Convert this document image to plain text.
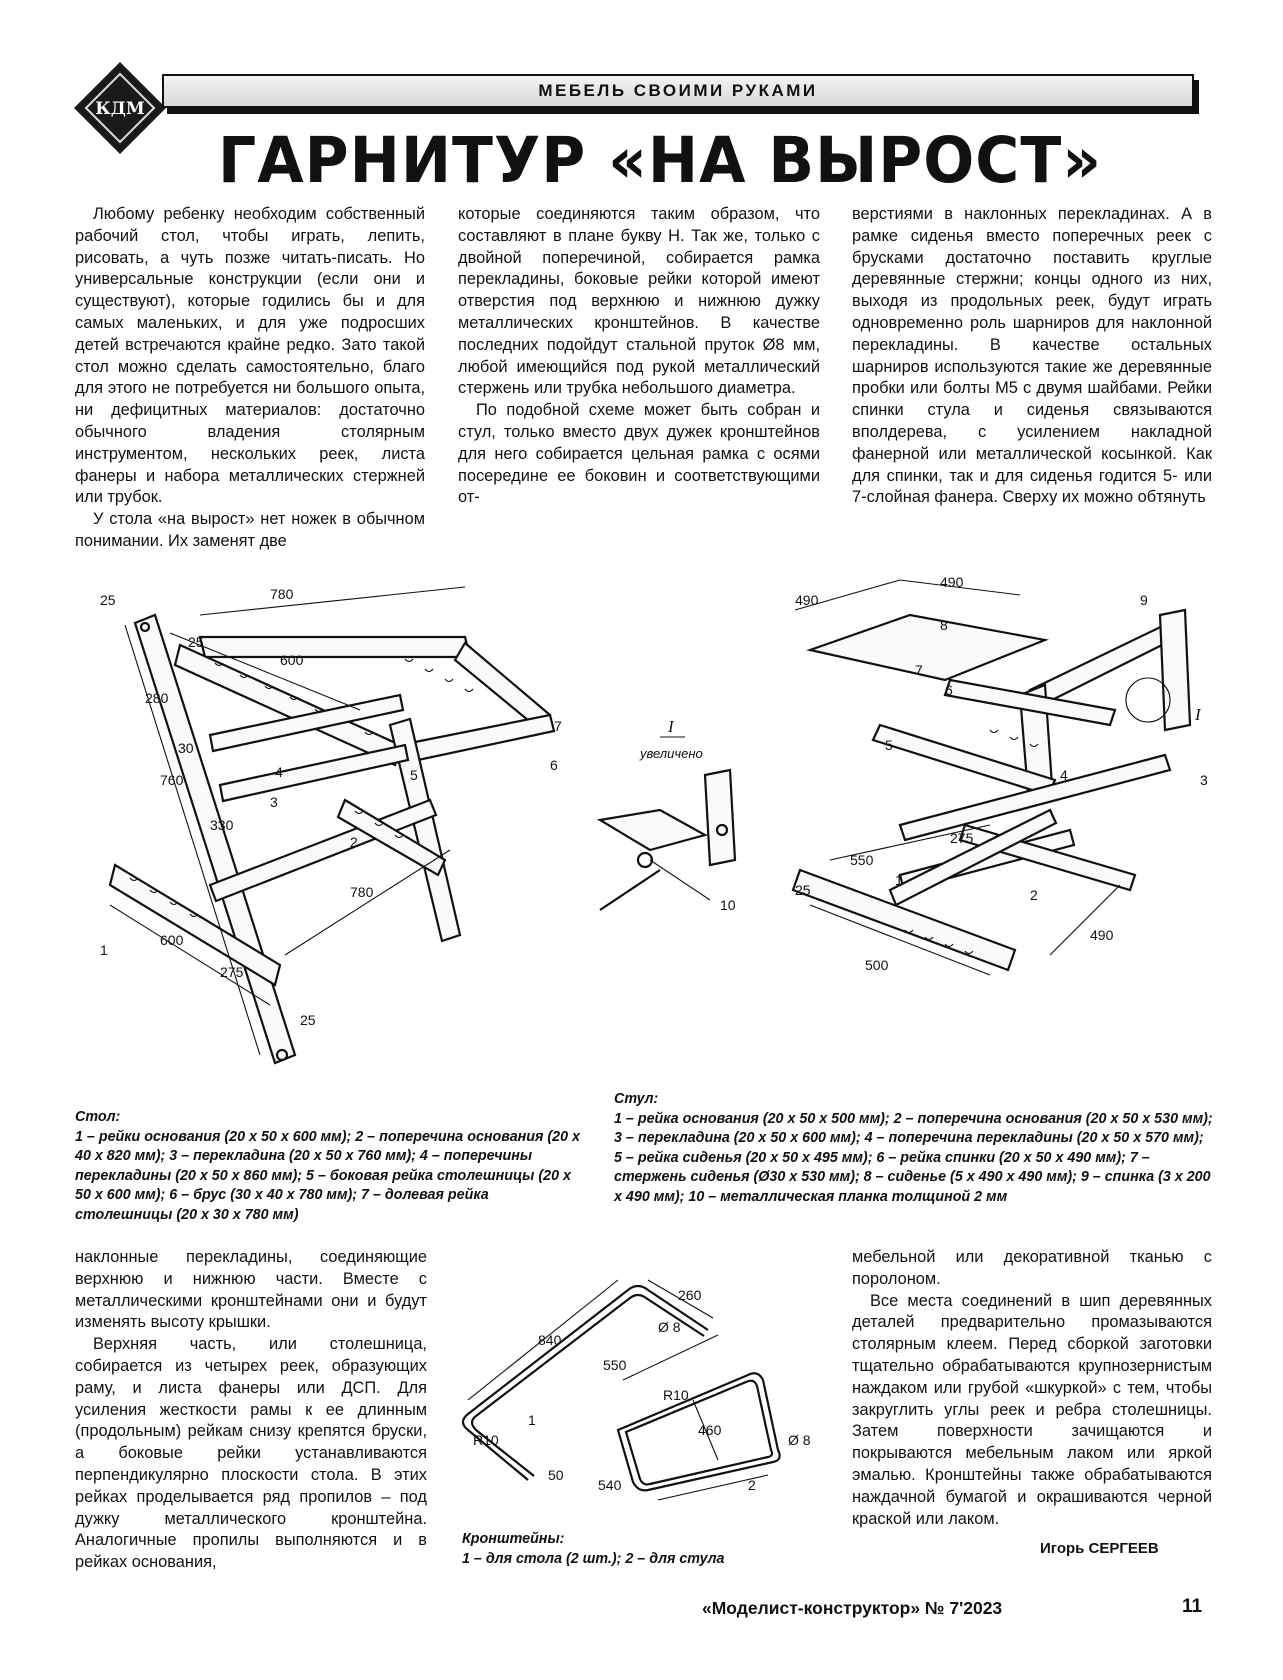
КДМ
МЕБЕЛЬ СВОИМИ РУКАМИ
ГАРНИТУР «НА ВЫРОСТ»

Любому ребенку необходим собственный рабочий стол, чтобы играть, лепить, рисовать, а чуть позже читать-писать. Но универсальные конструкции (если они и существуют), которые годились бы и для самых маленьких, и для уже подросших детей встречаются крайне редко. Зато такой стол можно сделать самостоятельно, благо для этого не потребуется ни большого опыта, ни дефицитных материалов: достаточно обычного владения столярным инструментом, нескольких реек, листа фанеры и набора металлических стержней или трубок.

У стола «на вырост» нет ножек в обычном понимании. Их заменят две

которые соединяются таким образом, что составляют в плане букву Н. Так же, только с двойной поперечиной, собирается рамка перекладины, боковые рейки которой имеют отверстия под верхнюю и нижнюю дужку металлических кронштейнов. В качестве последних подойдут стальной пруток Ø8 мм, любой имеющийся под рукой металлический стержень или трубка небольшого диаметра.

По подобной схеме может быть собран и стул, только вместо двух дужек кронштейнов для него собирается цельная рамка с осями посередине ее боковин и соответствующими от-

верстиями в наклонных перекладинах. А в рамке сиденья вместо поперечных реек с брусками достаточно поставить круглые деревянные стержни; концы одного из них, выходя из продольных реек, будут играть одновременно роль шарниров для наклонной перекладины. В качестве остальных шарниров используются такие же деревянные пробки или болты М5 с двумя шайбами. Рейки спинки стула и сиденья связываются вполдерева, с усилением накладной фанерной или металлической косынкой. Как для спинки, так и для сиденья годится 5- или 7-слойная фанера. Сверху их можно обтянуть

780
600
25
25
280
30
760
330
780
600
275
25
1
2
3
4	5
6
7	I
увеличено
10
490
490
490
500
550
275
25
I
1
2
3
4
5
6
7
8
9
Стол:
1 – рейки основания (20 х 50 х 600 мм); 2 – поперечина основания (20 х 40 х 820 мм); 3 – перекладина (20 х 50 х 760 мм); 4 – поперечины перекладины (20 х 50 х 860 мм); 5 – боковая рейка столешницы (20 х 50 х 600 мм); 6 – брус (30 х 40 х 780 мм); 7 – долевая рейка столешницы (20 х 30 х 780 мм)
Стул:
1 – рейка основания (20 х 50 х 500 мм); 2 – поперечина основания (20 х 50 х 530 мм); 3 – перекладина (20 х 50 х 600 мм); 4 – поперечина перекладины (20 х 50 х 570 мм); 5 – рейка сиденья (20 х 50 х 495 мм); 6 – рейка спинки (20 х 50 х 490 мм); 7 – стержень сиденья (Ø30 х 530 мм); 8 – сиденье (5 х 490 х 490 мм); 9 – спинка (3 х 200 х 490 мм); 10 – металлическая планка толщиной 2 мм

наклонные перекладины, соединяющие верхнюю и нижнюю части. Вместе с металлическими кронштейнами они и будут изменять высоту крышки.

Верхняя часть, или столешница, собирается из четырех реек, образующих раму, и листа фанеры или ДСП. Для усиления жесткости рамы к ее длинным (продольным) рейкам снизу крепятся бруски, а боковые рейки устанавливаются перпендикулярно плоскости стола. В этих рейках проделывается ряд пропилов – под дужку металлического кронштейна. Аналогичные пропилы выполняются и в рейках основания,

840
260
Ø 8
Ø 8
550
R10
R10
460
50
540
1
2
Кронштейны:
1 – для стола (2 шт.); 2 – для стула

мебельной или декоративной тканью с поролоном.

Все места соединений в шип деревянных деталей предварительно промазываются столярным клеем. Перед сборкой заготовки тщательно обрабатываются крупнозернистым наждаком или грубой «шкуркой» с тем, чтобы закруглить углы реек и ребра столешницы. Затем поверхности зачищаются и покрываются мебельным лаком или яркой эмалью. Кронштейны также обрабатываются наждачной бумагой и окрашиваются черной краской или лаком.

Игорь СЕРГЕЕВ
«Моделист-конструктор» № 7'2023	11
